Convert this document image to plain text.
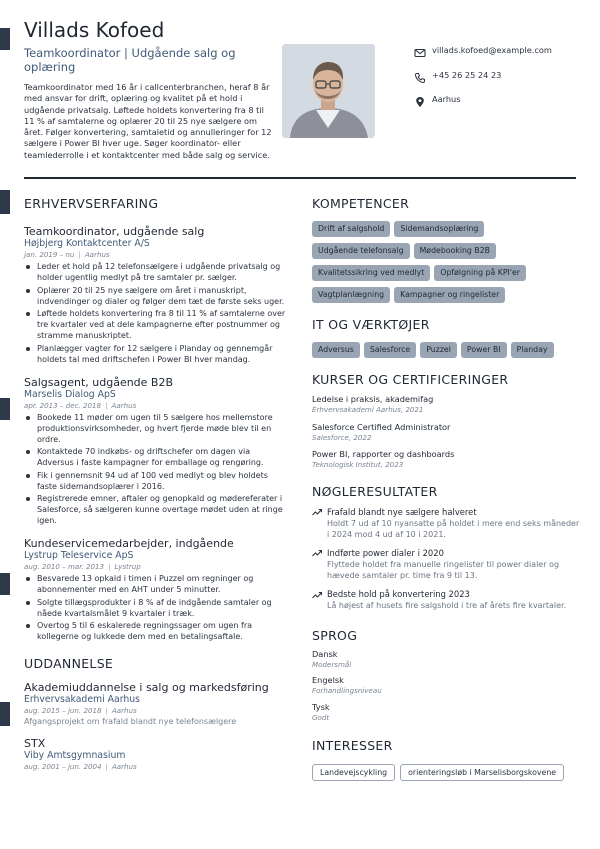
Villads Kofoed
Teamkoordinator | Udgående salg og oplæring
Teamkoordinator med 16 år i callcenterbranchen, heraf 8 år med ansvar for drift, oplæring og kvalitet på et hold i udgående privatsalg. Løftede holdets konvertering fra 8 til 11 % af samtalerne og oplærer 20 til 25 nye sælgere om året. Følger konvertering, samtaletid og annulleringer for 12 sælgere i Power BI hver uge. Søger koordinator- eller teamlederrolle i et kontaktcenter med både salg og service.
villads.kofoed@example.com
+45 26 25 24 23
Aarhus
ERHVERVSERFARING
Teamkoordinator, udgående salg
Højbjerg Kontaktcenter A/S
jan. 2019 – nu | Aarhus
Leder et hold på 12 telefonsælgere i udgående privatsalg og holder ugentlig medlyt på tre samtaler pr. sælger.
Oplærer 20 til 25 nye sælgere om året i manuskript, indvendinger og dialer og følger dem tæt de første seks uger.
Løftede holdets konvertering fra 8 til 11 % af samtalerne over tre kvartaler ved at dele kampagnerne efter postnummer og stramme manuskriptet.
Planlægger vagter for 12 sælgere i Planday og gennemgår holdets tal med driftschefen i Power BI hver mandag.
Salgsagent, udgående B2B
Marselis Dialog ApS
apr. 2013 – dec. 2018 | Aarhus
Bookede 11 møder om ugen til 5 sælgere hos mellemstore produktionsvirksomheder, og hvert fjerde møde blev til en ordre.
Kontaktede 70 indkøbs- og driftschefer om dagen via Adversus i faste kampagner for emballage og rengøring.
Fik i gennemsnit 94 ud af 100 ved medlyt og blev holdets faste sidemandsoplærer i 2016.
Registrerede emner, aftaler og genopkald og mødereferater i Salesforce, så sælgeren kunne overtage mødet uden at ringe igen.
Kundeservicemedarbejder, indgående
Lystrup Teleservice ApS
aug. 2010 – mar. 2013 | Lystrup
Besvarede 13 opkald i timen i Puzzel om regninger og abonnementer med en AHT under 5 minutter.
Solgte tillægsprodukter i 8 % af de indgående samtaler og nåede kvartalsmålet 9 kvartaler i træk.
Overtog 5 til 6 eskalerede regningssager om ugen fra kollegerne og lukkede dem med en betalingsaftale.
UDDANNELSE
Akademiuddannelse i salg og markedsføring
Erhvervsakademi Aarhus
aug. 2015 – jun. 2018 | Aarhus
Afgangsprojekt om frafald blandt nye telefonsælgere
STX
Viby Amtsgymnasium
aug. 2001 – jun. 2004 | Aarhus
KOMPETENCER
Drift af salgshold	Sidemandsoplæring
Udgående telefonsalg	Mødebooking B2B
Kvalitetssikring ved medlyt	Opfølgning på KPI'er
Vagtplanlægning	Kampagner og ringelister
IT OG VÆRKTØJER
Adversus	Salesforce	Puzzel	Power BI	Planday
KURSER OG CERTIFICERINGER
Ledelse i praksis, akademifag
Erhvervsakademi Aarhus, 2021
Salesforce Certified Administrator
Salesforce, 2022
Power BI, rapporter og dashboards
Teknologisk Institut, 2023
NØGLERESULTATER
Frafald blandt nye sælgere halveret
Holdt 7 ud af 10 nyansatte på holdet i mere end seks måneder i 2024 mod 4 ud af 10 i 2021.
Indførte power dialer i 2020
Flyttede holdet fra manuelle ringelister til power dialer og hævede samtaler pr. time fra 9 til 13.
Bedste hold på konvertering 2023
Lå højest af husets fire salgshold i tre af årets fire kvartaler.
SPROG
Dansk
Modersmål
Engelsk
Forhandlingsniveau
Tysk
Godt
INTERESSER
Landevejscykling	orienteringsløb i Marselisborgskovene
